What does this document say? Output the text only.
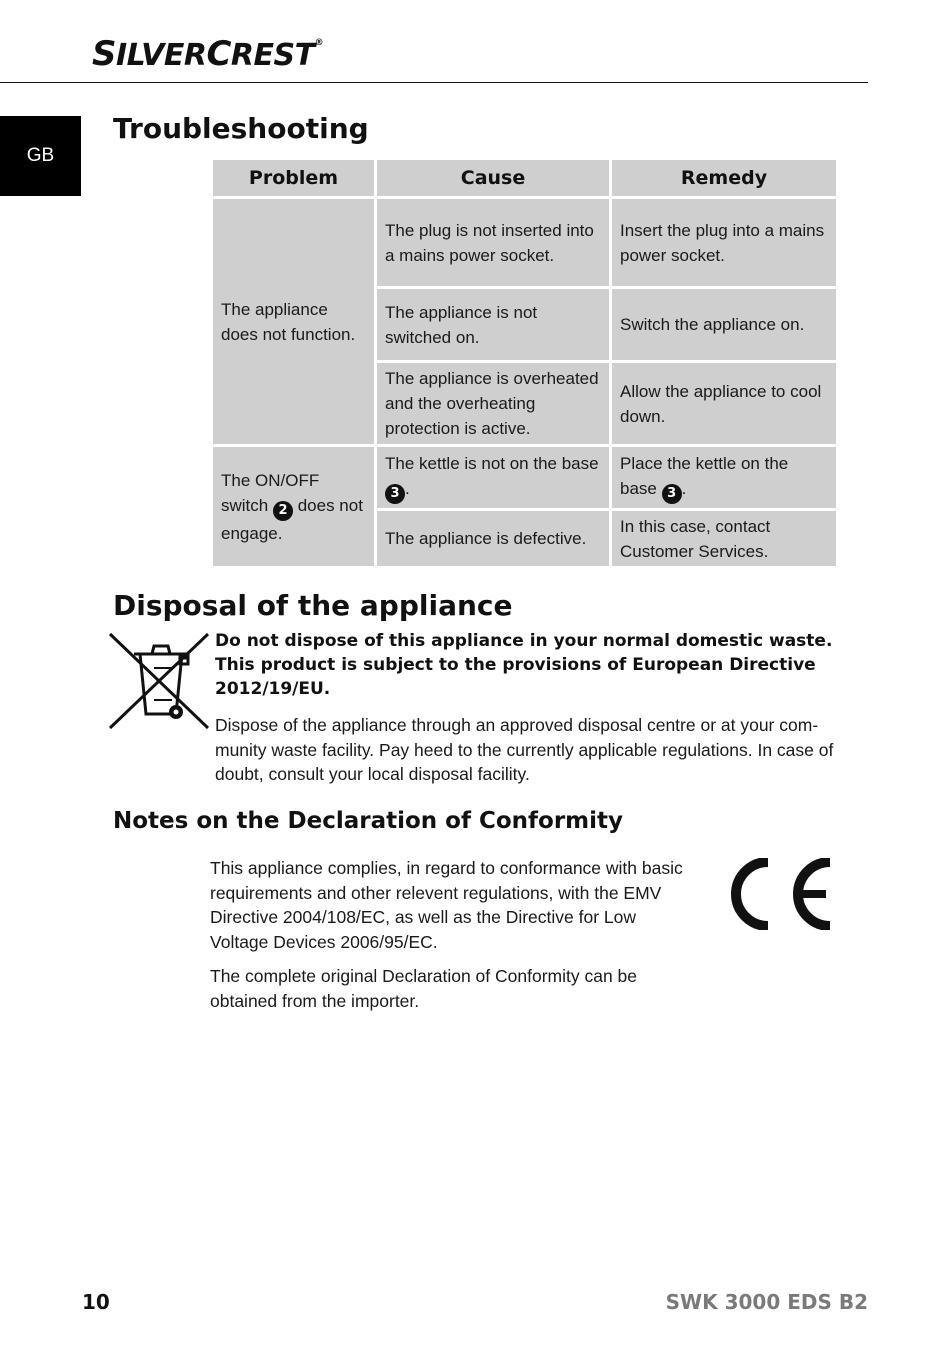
SILVERCREST®
GB
Troubleshooting
Problem	Cause	Remedy
The appliance does not function.	The plug is not inserted into a mains power socket.	Insert the plug into a mains power socket.
	The appliance is not switched on.	Switch the appliance on.
	The appliance is overheated and the overheating protection is active.	Allow the appliance to cool down.
The ON/OFF switch 2 does not engage.	The kettle is not on the base 3 .	Place the kettle on the base 3 .
	The appliance is defective.	In this case, contact Customer Services.
Disposal of the appliance

Do not dispose of this appliance in your normal domestic waste. This product is subject to the provisions of European Directive 2012/19/EU.

Dispose of the appliance through an approved disposal centre or at your community waste facility. Pay heed to the currently applicable regulations. In case of doubt, consult your local disposal facility.

Notes on the Declaration of Conformity

This appliance complies, in regard to conformance with basic requirements and other relevent regulations, with the EMV Directive 2004/108/EC, as well as the Directive for Low Voltage Devices 2006/95/EC.

The complete original Declaration of Conformity can be obtained from the importer.

10	SWK 3000 EDS B2
